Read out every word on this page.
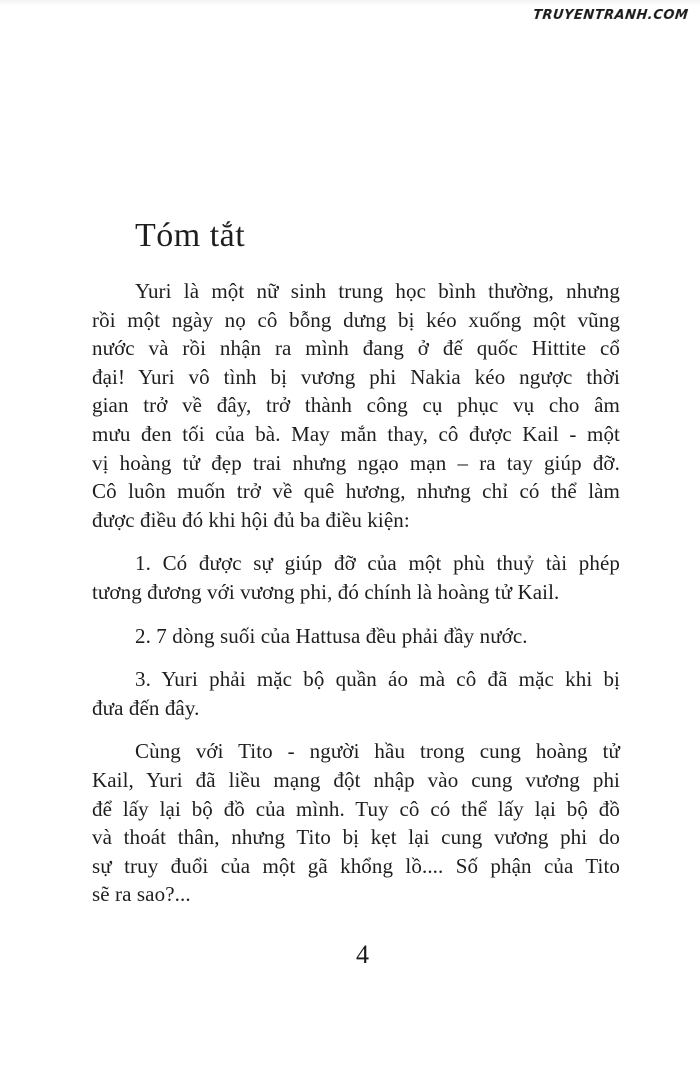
TRUYENTRANH.COM
Tóm tắt
Yuri là một nữ sinh trung học bình thường, nhưng
rồi một ngày nọ cô bỗng dưng bị kéo xuống một vũng
nước và rồi nhận ra mình đang ở đế quốc Hittite cổ
đại! Yuri vô tình bị vương phi Nakia kéo ngược thời
gian trở về đây, trở thành công cụ phục vụ cho âm
mưu đen tối của bà. May mắn thay, cô được Kail - một
vị hoàng tử đẹp trai nhưng ngạo mạn – ra tay giúp đỡ.
Cô luôn muốn trở về quê hương, nhưng chỉ có thể làm
được điều đó khi hội đủ ba điều kiện:
1. Có được sự giúp đỡ của một phù thuỷ tài phép
tương đương với vương phi, đó chính là hoàng tử Kail.
2. 7 dòng suối của Hattusa đều phải đầy nước.
3. Yuri phải mặc bộ quần áo mà cô đã mặc khi bị
đưa đến đây.
Cùng với Tito - người hầu trong cung hoàng tử
Kail, Yuri đã liều mạng đột nhập vào cung vương phi
để lấy lại bộ đồ của mình. Tuy cô có thể lấy lại bộ đồ
và thoát thân, nhưng Tito bị kẹt lại cung vương phi do
sự truy đuổi của một gã khổng lồ.... Số phận của Tito
sẽ ra sao?...
4
